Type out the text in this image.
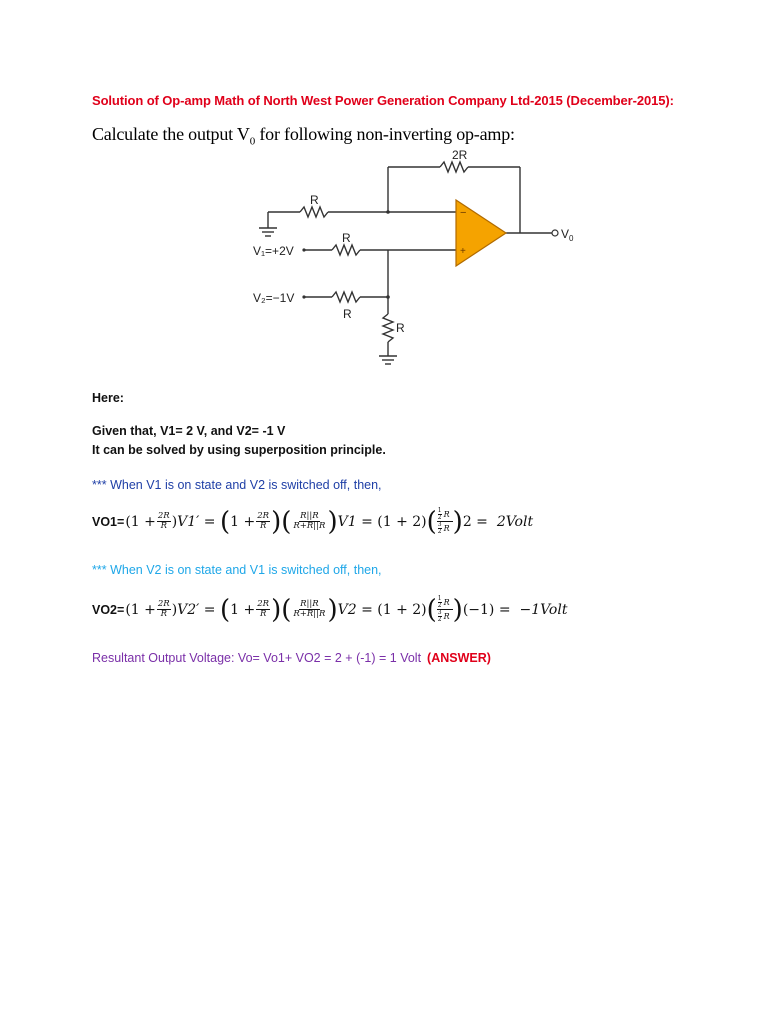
Solution of Op-amp Math of North West Power Generation Company Ltd-2015 (December-2015):
Calculate the output $V_0$ for following non-inverting op-amp:
2R
R
R
R
R
V₁=+2V
V₂=−1V
−
+
$V_0$
Here:
Given that, V1= 2 V, and V2= -1 V
It can be solved by using superposition principle.
*** When V1 is on state and V2 is switched off, then,
VO1= ( $1 + \frac{2R}{R}$ ) V1′ = ( $1 + \frac{2R}{R}$ ) ( $\frac{R||R}{R+R||R}$ ) V1 = (1 + 2) ( 1
2 R
3
2 R ) 2 = 2Volt
*** When V2 is on state and V1 is switched off, then,
VO2= ( $1 + \frac{2R}{R}$ ) V2′ = ( $1 + \frac{2R}{R}$ ) ( $\frac{R||R}{R+R||R}$ ) V2 = (1 + 2) ( 1
2 R
3
2 R ) (−1) = −1Volt
Resultant Output Voltage: Vo= Vo1+ VO2 = 2 + (-1) = 1 Volt (ANSWER)
